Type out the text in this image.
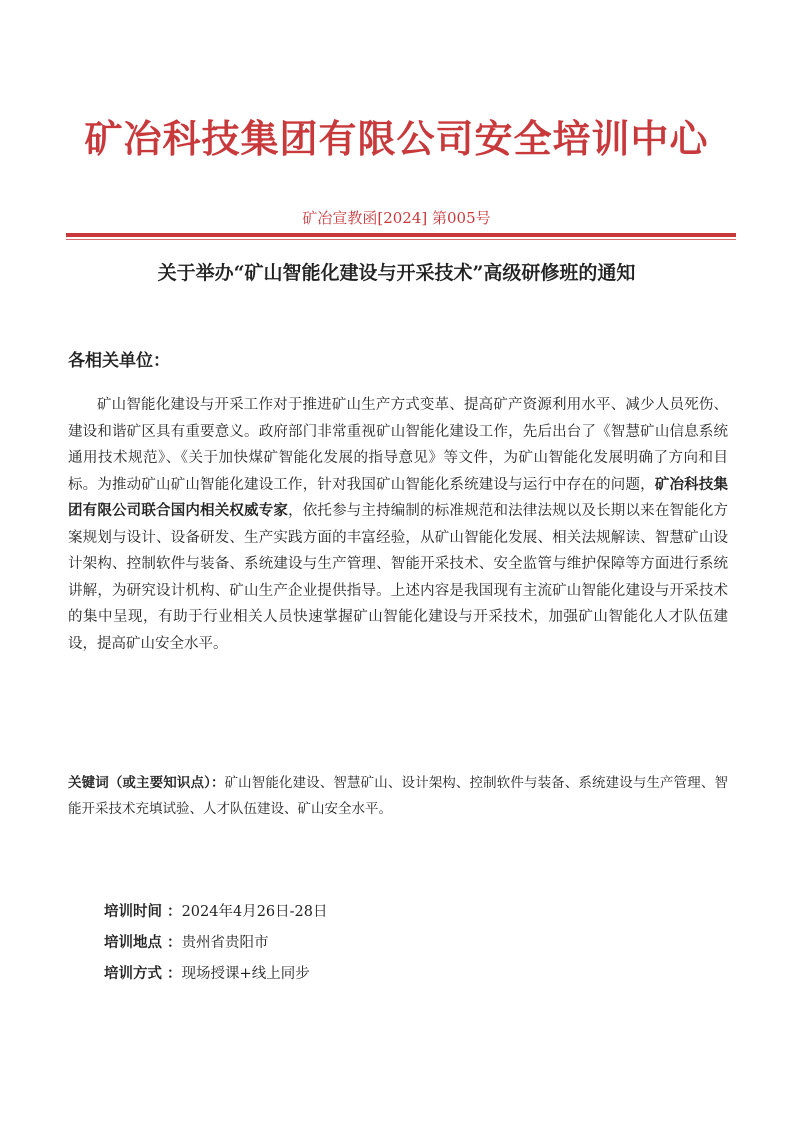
矿冶科技集团有限公司安全培训中心
矿冶宣教函[2024] 第005号
关于举办“矿山智能化建设与开采技术”高级研修班的通知
各相关单位：
矿山智能化建设与开采工作对于推进矿山生产方式变革、提高矿产资源利用水平、减少人员死伤、建设和谐矿区具有重要意义。政府部门非常重视矿山智能化建设工作，先后出台了《智慧矿山信息系统通用技术规范》、《关于加快煤矿智能化发展的指导意见》等文件，为矿山智能化发展明确了方向和目标。为推动矿山矿山智能化建设工作，针对我国矿山智能化系统建设与运行中存在的问题，矿冶科技集团有限公司联合国内相关权威专家，依托参与主持编制的标准规范和法律法规以及长期以来在智能化方案规划与设计、设备研发、生产实践方面的丰富经验，从矿山智能化发展、相关法规解读、智慧矿山设计架构、控制软件与装备、系统建设与生产管理、智能开采技术、安全监管与维护保障等方面进行系统讲解，为研究设计机构、矿山生产企业提供指导。上述内容是我国现有主流矿山智能化建设与开采技术的集中呈现，有助于行业相关人员快速掌握矿山智能化建设与开采技术，加强矿山智能化人才队伍建设，提高矿山安全水平。
关键词（或主要知识点）：矿山智能化建设、智慧矿山、设计架构、控制软件与装备、系统建设与生产管理、智能开采技术充填试验、人才队伍建设、矿山安全水平。
培训时间 ：2024年4月26日-28日
培训地点 ：贵州省贵阳市
培训方式 ：现场授课+线上同步
